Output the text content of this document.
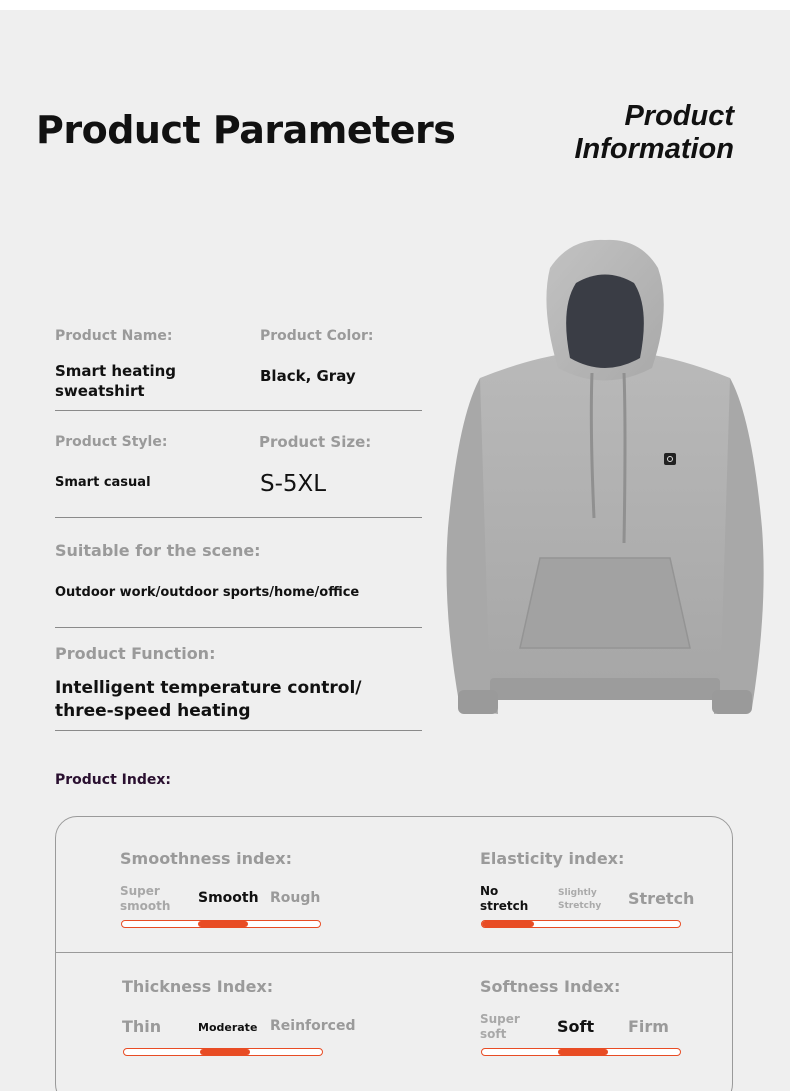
Product Parameters	Product
Information
Product Name:
Smart heating
sweatshirt
Product Color:
Black, Gray
Product Style:
Smart casual
Product Size:
S-5XL
Suitable for the scene:
Outdoor work/outdoor sports/home/office
Product Function:
Intelligent temperature control/
three-speed heating
Product Index:
Smoothness index:
Super smooth	Smooth Rough
Elasticity index:
No stretch
Slightly Stretchy	Stretch
Thickness Index:
Thin	Moderate Reinforced
Softness Index:
Super soft	Soft Firm
